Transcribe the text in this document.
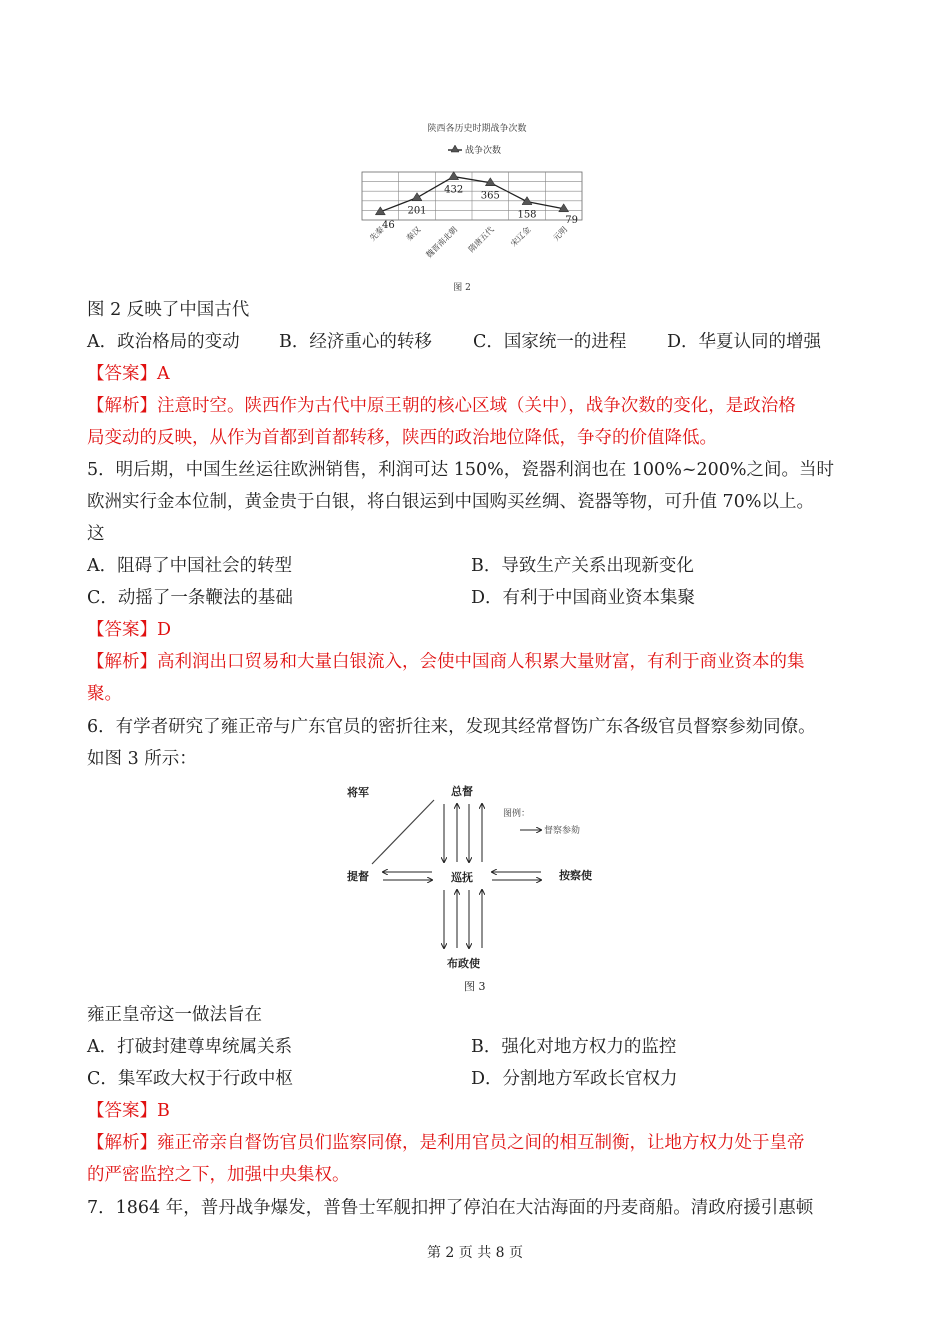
陕西各历史时期战争次数
战争次数
46
先秦
201
秦汉
432
魏晋南北朝
365
隋唐五代
158
宋辽金
79
元明
图 2
图 2 反映了中国古代
A．政治格局的变动 B．经济重心的转移 C．国家统一的进程 D．华夏认同的增强
【答案】A
【解析】注意时空。陕西作为古代中原王朝的核心区域（关中），战争次数的变化，是政治格
局变动的反映，从作为首都到首都转移，陕西的政治地位降低，争夺的价值降低。
5．明后期，中国生丝运往欧洲销售，利润可达 150%，瓷器利润也在 100%~200%之间。当时
欧洲实行金本位制，黄金贵于白银，将白银运到中国购买丝绸、瓷器等物，可升值 70%以上。
这
A．阻碍了中国社会的转型	B．导致生产关系出现新变化
C．动摇了一条鞭法的基础	D．有利于中国商业资本集聚
【答案】D
【解析】高利润出口贸易和大量白银流入，会使中国商人积累大量财富，有利于商业资本的集
聚。
6．有学者研究了雍正帝与广东官员的密折往来，发现其经常督饬广东各级官员督察参劾同僚。
如图 3 所示：
将军	总督
提督	巡抚	按察使
布政使
图例：
督察参劾
图 3
雍正皇帝这一做法旨在
A．打破封建尊卑统属关系	B．强化对地方权力的监控
C．集军政大权于行政中枢	D．分割地方军政长官权力
【答案】B
【解析】雍正帝亲自督饬官员们监察同僚，是利用官员之间的相互制衡，让地方权力处于皇帝
的严密监控之下，加强中央集权。
7．1864 年，普丹战争爆发，普鲁士军舰扣押了停泊在大沽海面的丹麦商船。清政府援引惠顿
第 2 页 共 8 页
